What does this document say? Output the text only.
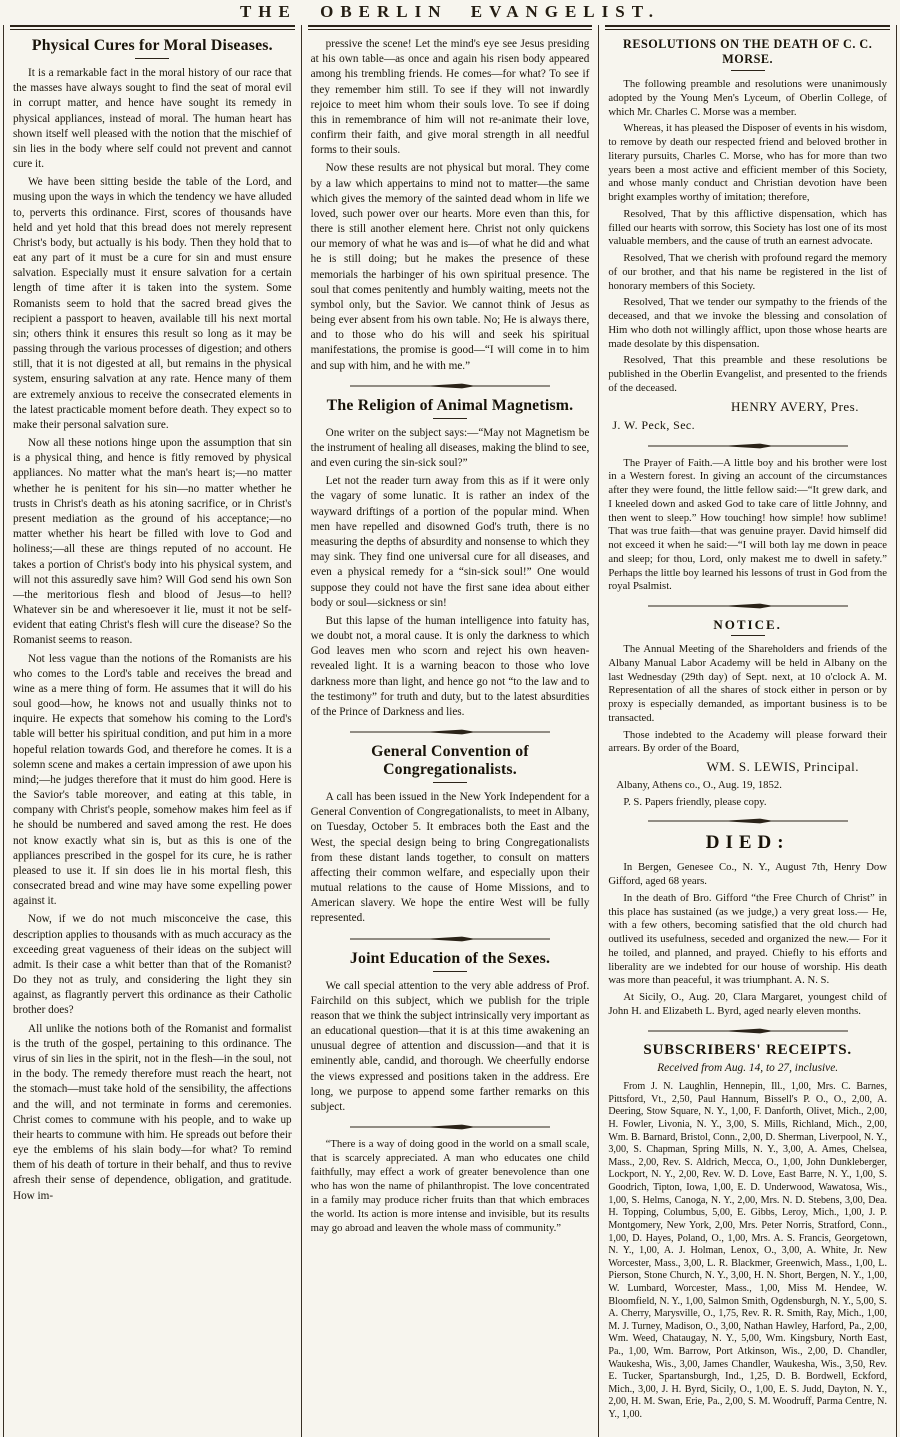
THE OBERLIN EVANGELIST.
Physical Cures for Moral Diseases.

It is a remarkable fact in the moral history of our race that the masses have always sought to find the seat of moral evil in corrupt matter, and hence have sought its remedy in physical appliances, instead of moral. The human heart has shown itself well pleased with the notion that the mischief of sin lies in the body where self could not prevent and cannot cure it.

We have been sitting beside the table of the Lord, and musing upon the ways in which the tendency we have alluded to, perverts this ordinance. First, scores of thousands have held and yet hold that this bread does not merely represent Christ's body, but actually is his body. Then they hold that to eat any part of it must be a cure for sin and must ensure salvation. Especially must it ensure salvation for a certain length of time after it is taken into the system. Some Romanists seem to hold that the sacred bread gives the recipient a passport to heaven, available till his next mortal sin; others think it ensures this result so long as it may be passing through the various processes of digestion; and others still, that it is not digested at all, but remains in the physical system, ensuring salvation at any rate. Hence many of them are extremely anxious to receive the consecrated elements in the latest practicable moment before death. They expect so to make their personal salvation sure.

Now all these notions hinge upon the assumption that sin is a physical thing, and hence is fitly removed by physical appliances. No matter what the man's heart is;—no matter whether he is penitent for his sin—no matter whether he trusts in Christ's death as his atoning sacrifice, or in Christ's present mediation as the ground of his acceptance;—no matter whether his heart be filled with love to God and holiness;—all these are things reputed of no account. He takes a portion of Christ's body into his physical system, and will not this assuredly save him? Will God send his own Son—the meritorious flesh and blood of Jesus—to hell? Whatever sin be and wheresoever it lie, must it not be self-evident that eating Christ's flesh will cure the disease? So the Romanist seems to reason.

Not less vague than the notions of the Romanists are his who comes to the Lord's table and receives the bread and wine as a mere thing of form. He assumes that it will do his soul good—how, he knows not and usually thinks not to inquire. He expects that somehow his coming to the Lord's table will better his spiritual condition, and put him in a more hopeful relation towards God, and therefore he comes. It is a solemn scene and makes a certain impression of awe upon his mind;—he judges therefore that it must do him good. Here is the Savior's table moreover, and eating at this table, in company with Christ's people, somehow makes him feel as if he should be numbered and saved among the rest. He does not know exactly what sin is, but as this is one of the appliances prescribed in the gospel for its cure, he is rather pleased to use it. If sin does lie in his mortal flesh, this consecrated bread and wine may have some expelling power against it.

Now, if we do not much misconceive the case, this description applies to thousands with as much accuracy as the exceeding great vagueness of their ideas on the subject will admit. Is their case a whit better than that of the Romanist? Do they not as truly, and considering the light they sin against, as flagrantly pervert this ordinance as their Catholic brother does?

All unlike the notions both of the Romanist and formalist is the truth of the gospel, pertaining to this ordinance. The virus of sin lies in the spirit, not in the flesh—in the soul, not in the body. The remedy therefore must reach the heart, not the stomach—must take hold of the sensibility, the affections and the will, and not terminate in forms and ceremonies. Christ comes to commune with his people, and to wake up their hearts to commune with him. He spreads out before their eye the emblems of his slain body—for what? To remind them of his death of torture in their behalf, and thus to revive afresh their sense of dependence, obligation, and gratitude. How im-

pressive the scene! Let the mind's eye see Jesus presiding at his own table—as once and again his risen body appeared among his trembling friends. He comes—for what? To see if they remember him still. To see if they will not inwardly rejoice to meet him whom their souls love. To see if doing this in remembrance of him will not re-animate their love, confirm their faith, and give moral strength in all needful forms to their souls.

Now these results are not physical but moral. They come by a law which appertains to mind not to matter—the same which gives the memory of the sainted dead whom in life we loved, such power over our hearts. More even than this, for there is still another element here. Christ not only quickens our memory of what he was and is—of what he did and what he is still doing; but he makes the presence of these memorials the harbinger of his own spiritual presence. The soul that comes penitently and humbly waiting, meets not the symbol only, but the Savior. We cannot think of Jesus as being ever absent from his own table. No; He is always there, and to those who do his will and seek his spiritual manifestations, the promise is good—“I will come in to him and sup with him, and he with me.”

The Religion of Animal Magnetism.

One writer on the subject says:—“May not Magnetism be the instrument of healing all diseases, making the blind to see, and even curing the sin-sick soul?”

Let not the reader turn away from this as if it were only the vagary of some lunatic. It is rather an index of the wayward driftings of a portion of the popular mind. When men have repelled and disowned God's truth, there is no measuring the depths of absurdity and nonsense to which they may sink. They find one universal cure for all diseases, and even a physical remedy for a “sin-sick soul!” One would suppose they could not have the first sane idea about either body or soul—sickness or sin!

But this lapse of the human intelligence into fatuity has, we doubt not, a moral cause. It is only the darkness to which God leaves men who scorn and reject his own heaven-revealed light. It is a warning beacon to those who love darkness more than light, and hence go not “to the law and to the testimony” for truth and duty, but to the latest absurdities of the Prince of Darkness and lies.

General Convention of Congregationalists.

A call has been issued in the New York Independent for a General Convention of Congregationalists, to meet in Albany, on Tuesday, October 5. It embraces both the East and the West, the special design being to bring Congregationalists from these distant lands together, to consult on matters affecting their common welfare, and especially upon their mutual relations to the cause of Home Missions, and to American slavery. We hope the entire West will be fully represented.

Joint Education of the Sexes.

We call special attention to the very able address of Prof. Fairchild on this subject, which we publish for the triple reason that we think the subject intrinsically very important as an educational question—that it is at this time awakening an unusual degree of attention and discussion—and that it is eminently able, candid, and thorough. We cheerfully endorse the views expressed and positions taken in the address. Ere long, we purpose to append some farther remarks on this subject.

“There is a way of doing good in the world on a small scale, that is scarcely appreciated. A man who educates one child faithfully, may effect a work of greater benevolence than one who has won the name of philanthropist. The love concentrated in a family may produce richer fruits than that which embraces the world. Its action is more intense and invisible, but its results may go abroad and leaven the whole mass of community.”

RESOLUTIONS ON THE DEATH OF C. C. MORSE.

The following preamble and resolutions were unanimously adopted by the Young Men's Lyceum, of Oberlin College, of which Mr. Charles C. Morse was a member.

Whereas, it has pleased the Disposer of events in his wisdom, to remove by death our respected friend and beloved brother in literary pursuits, Charles C. Morse, who has for more than two years been a most active and efficient member of this Society, and whose manly conduct and Christian devotion have been bright examples worthy of imitation; therefore,

Resolved, That by this afflictive dispensation, which has filled our hearts with sorrow, this Society has lost one of its most valuable members, and the cause of truth an earnest advocate.

Resolved, That we cherish with profound regard the memory of our brother, and that his name be registered in the list of honorary members of this Society.

Resolved, That we tender our sympathy to the friends of the deceased, and that we invoke the blessing and consolation of Him who doth not willingly afflict, upon those whose hearts are made desolate by this dispensation.

Resolved, That this preamble and these resolutions be published in the Oberlin Evangelist, and presented to the friends of the deceased.

HENRY AVERY, Pres.

J. W. Peck, Sec.

The Prayer of Faith.—A little boy and his brother were lost in a Western forest. In giving an account of the circumstances after they were found, the little fellow said:—“It grew dark, and I kneeled down and asked God to take care of little Johnny, and then went to sleep.” How touching! how simple! how sublime! That was true faith—that was genuine prayer. David himself did not exceed it when he said:—“I will both lay me down in peace and sleep; for thou, Lord, only makest me to dwell in safety.” Perhaps the little boy learned his lessons of trust in God from the royal Psalmist.

NOTICE.

The Annual Meeting of the Shareholders and friends of the Albany Manual Labor Academy will be held in Albany on the last Wednesday (29th day) of Sept. next, at 10 o'clock A. M. Representation of all the shares of stock either in person or by proxy is especially demanded, as important business is to be transacted.

Those indebted to the Academy will please forward their arrears. By order of the Board,

WM. S. LEWIS, Principal.

Albany, Athens co., O., Aug. 19, 1852.

P. S. Papers friendly, please copy.

DIED:

In Bergen, Genesee Co., N. Y., August 7th, Henry Dow Gifford, aged 68 years.

In the death of Bro. Gifford “the Free Church of Christ” in this place has sustained (as we judge,) a very great loss.— He, with a few others, becoming satisfied that the old church had outlived its usefulness, seceded and organized the new.— For it he toiled, and planned, and prayed. Chiefly to his efforts and liberality are we indebted for our house of worship. His death was more than peaceful, it was triumphant. A. N. S.

At Sicily, O., Aug. 20, Clara Margaret, youngest child of John H. and Elizabeth L. Byrd, aged nearly eleven months.

SUBSCRIBERS' RECEIPTS.

Received from Aug. 14, to 27, inclusive.

From J. N. Laughlin, Hennepin, Ill., 1,00, Mrs. C. Barnes, Pittsford, Vt., 2,50, Paul Hannum, Bissell's P. O., O., 2,00, A. Deering, Stow Square, N. Y., 1,00, F. Danforth, Olivet, Mich., 2,00, H. Fowler, Livonia, N. Y., 3,00, S. Mills, Richland, Mich., 2,00, Wm. B. Barnard, Bristol, Conn., 2,00, D. Sherman, Liverpool, N. Y., 3,00, S. Chapman, Spring Mills, N. Y., 3,00, A. Ames, Chelsea, Mass., 2,00, Rev. S. Aldrich, Mecca, O., 1,00, John Dunkleberger, Lockport, N. Y., 2,00, Rev. W. D. Love, East Barre, N. Y., 1,00, S. Goodrich, Tipton, Iowa, 1,00, E. D. Underwood, Wawatosa, Wis., 1,00, S. Helms, Canoga, N. Y., 2,00, Mrs. N. D. Stebens, 3,00, Dea. H. Topping, Columbus, 5,00, E. Gibbs, Leroy, Mich., 1,00, J. P. Montgomery, New York, 2,00, Mrs. Peter Norris, Stratford, Conn., 1,00, D. Hayes, Poland, O., 1,00, Mrs. A. S. Francis, Georgetown, N. Y., 1,00, A. J. Holman, Lenox, O., 3,00, A. White, Jr. New Worcester, Mass., 3,00, L. R. Blackmer, Greenwich, Mass., 1,00, L. Pierson, Stone Church, N. Y., 3,00, H. N. Short, Bergen, N. Y., 1,00, W. Lumbard, Worcester, Mass., 1,00, Miss M. Hendee, W. Bloomfield, N. Y., 1,00, Salmon Smith, Ogdensburgh, N. Y., 5,00, S. A. Cherry, Marysville, O., 1,75, Rev. R. R. Smith, Ray, Mich., 1,00, M. J. Turney, Madison, O., 3,00, Nathan Hawley, Harford, Pa., 2,00, Wm. Weed, Chataugay, N. Y., 5,00, Wm. Kingsbury, North East, Pa., 1,00, Wm. Barrow, Port Atkinson, Wis., 2,00, D. Chandler, Waukesha, Wis., 3,00, James Chandler, Waukesha, Wis., 3,50, Rev. E. Tucker, Spartansburgh, Ind., 1,25, D. B. Bordwell, Eckford, Mich., 3,00, J. H. Byrd, Sicily, O., 1,00, E. S. Judd, Dayton, N. Y., 2,00, H. M. Swan, Erie, Pa., 2,00, S. M. Woodruff, Parma Centre, N. Y., 1,00.
